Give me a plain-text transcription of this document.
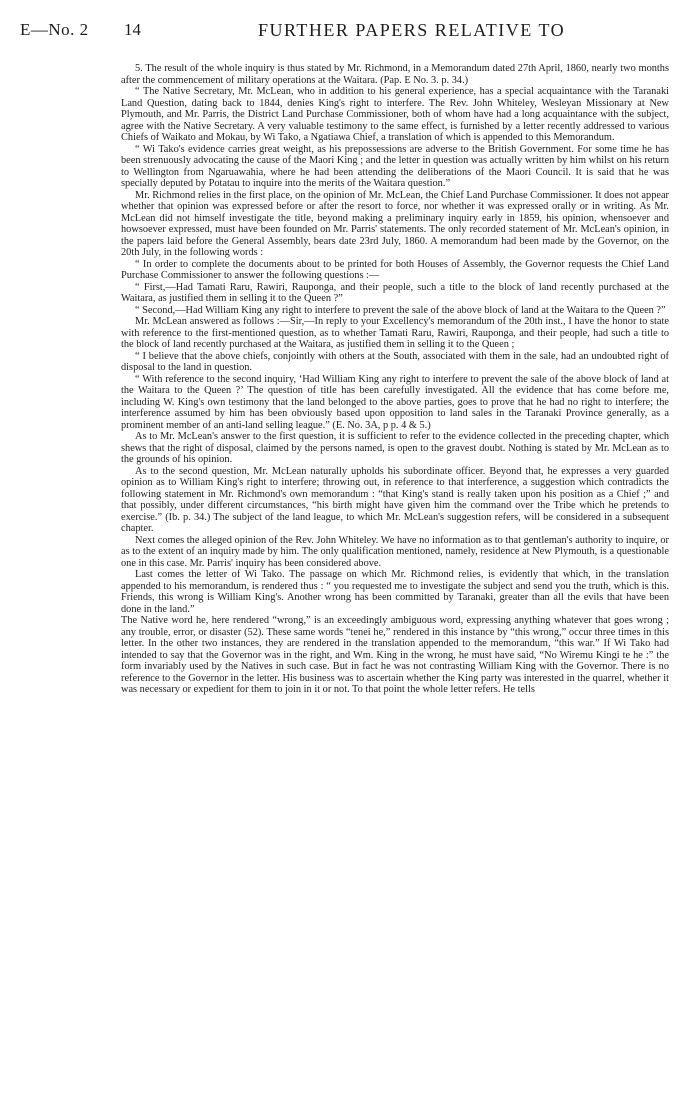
E—No. 2 14	FURTHER PAPERS RELATIVE TO

5. The result of the whole inquiry is thus stated by Mr. Richmond, in a Memorandum dated 27th April, 1860, nearly two months after the commencement of military operations at the Waitara. (Pap. E No. 3. p. 34.)

“ The Native Secretary, Mr. McLean, who in addition to his general experience, has a special acquaintance with the Taranaki Land Question, dating back to 1844, denies King's right to interfere. The Rev. John Whiteley, Wesleyan Missionary at New Plymouth, and Mr. Parris, the District Land Purchase Commissioner, both of whom have had a long acquaintance with the subject, agree with the Native Secretary. A very valuable testimony to the same effect, is furnished by a letter recently addressed to various Chiefs of Waikato and Mokau, by Wi Tako, a Ngatiawa Chief, a translation of which is appended to this Memorandum.

“ Wi Tako's evidence carries great weight, as his prepossessions are adverse to the British Government. For some time he has been strenuously advocating the cause of the Maori King ; and the letter in question was actually written by him whilst on his return to Wellington from Ngaruawahia, where he had been attending the deliberations of the Maori Council. It is said that he was specially deputed by Potatau to inquire into the merits of the Waitara question.”

Mr. Richmond relies in the first place, on the opinion of Mr. McLean, the Chief Land Purchase Commissioner. It does not appear whether that opinion was expressed before or after the resort to force, nor whether it was expressed orally or in writing. As Mr. McLean did not himself investigate the title, beyond making a preliminary inquiry early in 1859, his opinion, whensoever and howsoever expressed, must have been founded on Mr. Parris' statements. The only recorded statement of Mr. McLean's opinion, in the papers laid before the General Assembly, bears date 23rd July, 1860. A memorandum had been made by the Governor, on the 20th July, in the following words :

“ In order to complete the documents about to be printed for both Houses of Assembly, the Governor requests the Chief Land Purchase Commissioner to answer the following questions :—

“ First,—Had Tamati Raru, Rawiri, Rauponga, and their people, such a title to the block of land recently purchased at the Waitara, as justified them in selling it to the Queen ?”

“ Second,—Had William King any right to interfere to prevent the sale of the above block of land at the Waitara to the Queen ?”

Mr. McLean answered as follows :—Sir,—In reply to your Excellency's memorandum of the 20th inst., I have the honor to state with reference to the first-mentioned question, as to whether Tamati Raru, Rawiri, Rauponga, and their people, had such a title to the block of land recently purchased at the Waitara, as justified them in selling it to the Queen ;

“ I believe that the above chiefs, conjointly with others at the South, associated with them in the sale, had an undoubted right of disposal to the land in question.

“ With reference to the second inquiry, ‘Had William King any right to interfere to prevent the sale of the above block of land at the Waitara to the Queen ?’ The question of title has been carefully investigated. All the evidence that has come before me, including W. King's own testimony that the land belonged to the above parties, goes to prove that he had no right to interfere; the interference assumed by him has been obviously based upon opposition to land sales in the Taranaki Province generally, as a prominent member of an anti-land selling league.” (E. No. 3A, p p. 4 & 5.)

As to Mr. McLean's answer to the first question, it is sufficient to refer to the evidence collected in the preceding chapter, which shews that the right of disposal, claimed by the persons named, is open to the gravest doubt. Nothing is stated by Mr. McLean as to the grounds of his opinion.

As to the second question, Mr. McLean naturally upholds his subordinate officer. Beyond that, he expresses a very guarded opinion as to William King's right to interfere; throwing out, in reference to that interference, a suggestion which contradicts the following statement in Mr. Richmond's own memorandum : “that King's stand is really taken upon his position as a Chief ;” and that possibly, under different circumstances, “his birth might have given him the command over the Tribe which he pretends to exercise.” (Ib. p. 34.) The subject of the land league, to which Mr. McLean's suggestion refers, will be considered in a subsequent chapter.

Next comes the alleged opinion of the Rev. John Whiteley. We have no information as to that gentleman's authority to inquire, or as to the extent of an inquiry made by him. The only qualification mentioned, namely, residence at New Plymouth, is a questionable one in this case. Mr. Parris' inquiry has been considered above.

Last comes the letter of Wi Tako. The passage on which Mr. Richmond relies, is evidently that which, in the translation appended to his memorandum, is rendered thus : “ you requested me to investigate the subject and send you the truth, which is this. Friends, this wrong is William King's. Another wrong has been committed by Taranaki, greater than all the evils that have been done in the land.”

The Native word he, here rendered “wrong,” is an exceedingly ambiguous word, expressing anything whatever that goes wrong ; any trouble, error, or disaster (52). These same words “tenei he,” rendered in this instance by “this wrong,” occur three times in this letter. In the other two instances, they are rendered in the translation appended to the memorandum, “this war.” If Wi Tako had intended to say that the Governor was in the right, and Wm. King in the wrong, he must have said, “No Wiremu Kingi te he :” the form invariably used by the Natives in such case. But in fact he was not contrasting William King with the Governor. There is no reference to the Governor in the letter. His business was to ascertain whether the King party was interested in the quarrel, whether it was necessary or expedient for them to join in it or not. To that point the whole letter refers. He tells
